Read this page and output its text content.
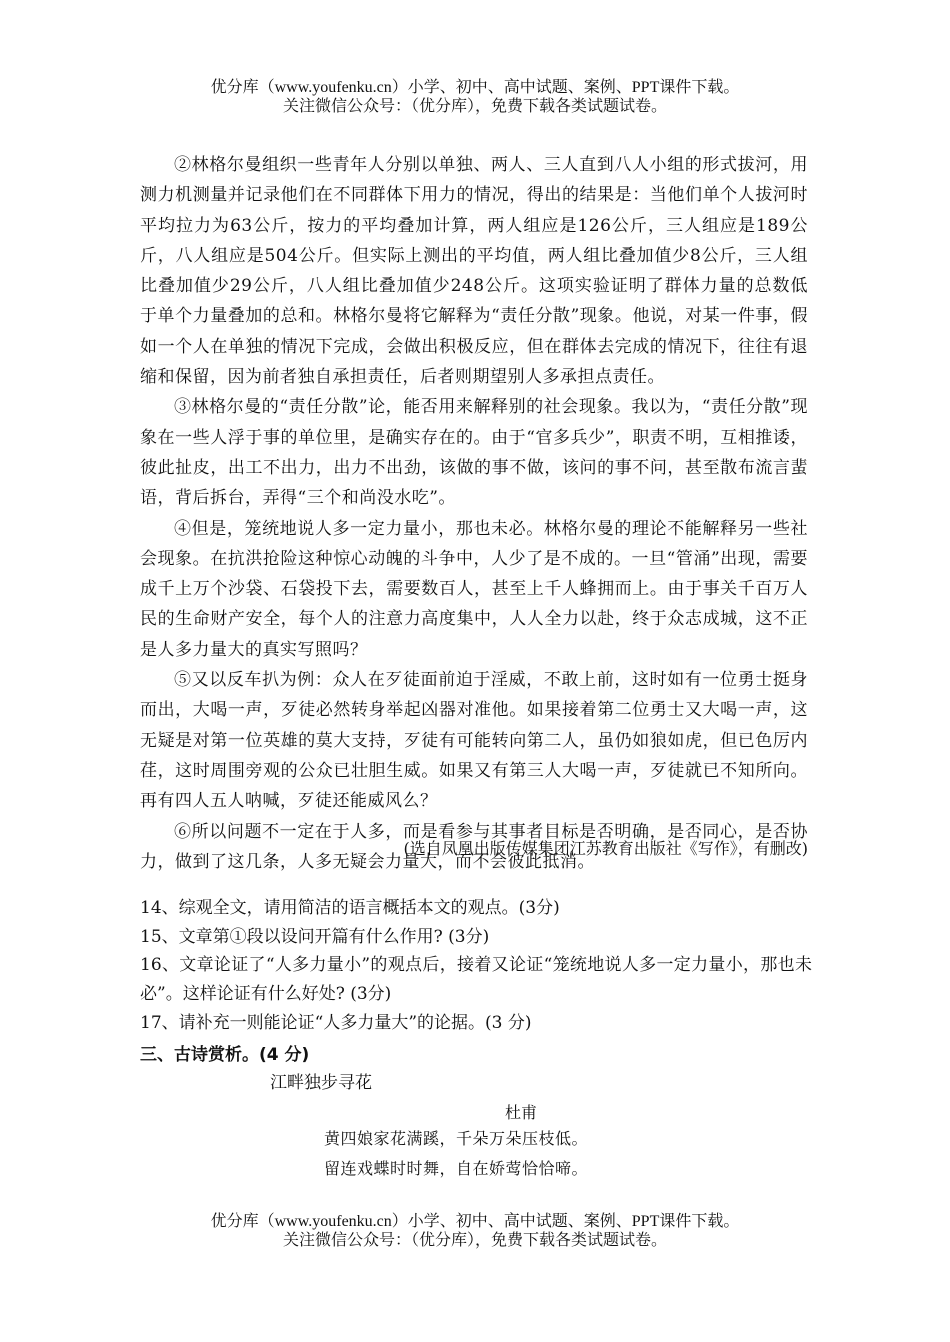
优分库（www.youfenku.cn）小学、初中、高中试题、案例、PPT课件下载。
关注微信公众号：（优分库），免费下载各类试题试卷。

②林格尔曼组织一些青年人分别以单独、两人、三人直到八人小组的形式拔河，用测力机测量并记录他们在不同群体下用力的情况，得出的结果是：当他们单个人拔河时平均拉力为63公斤，按力的平均叠加计算，两人组应是126公斤，三人组应是189公斤，八人组应是504公斤。但实际上测出的平均值，两人组比叠加值少8公斤，三人组比叠加值少29公斤，八人组比叠加值少248公斤。这项实验证明了群体力量的总数低于单个力量叠加的总和。林格尔曼将它解释为“责任分散”现象。他说，对某一件事，假如一个人在单独的情况下完成，会做出积极反应，但在群体去完成的情况下，往往有退缩和保留，因为前者独自承担责任，后者则期望别人多承担点责任。

③林格尔曼的“责任分散”论，能否用来解释别的社会现象。我以为，“责任分散”现象在一些人浮于事的单位里，是确实存在的。由于“官多兵少”，职责不明，互相推诿，彼此扯皮，出工不出力，出力不出劲，该做的事不做，该问的事不问，甚至散布流言蜚语，背后拆台，弄得“三个和尚没水吃”。

④但是，笼统地说人多一定力量小，那也未必。林格尔曼的理论不能解释另一些社会现象。在抗洪抢险这种惊心动魄的斗争中，人少了是不成的。一旦“管涌”出现，需要成千上万个沙袋、石袋投下去，需要数百人，甚至上千人蜂拥而上。由于事关千百万人民的生命财产安全，每个人的注意力高度集中，人人全力以赴，终于众志成城，这不正是人多力量大的真实写照吗？

⑤又以反车扒为例：众人在歹徒面前迫于淫威，不敢上前，这时如有一位勇士挺身而出，大喝一声，歹徒必然转身举起凶器对准他。如果接着第二位勇士又大喝一声，这无疑是对第一位英雄的莫大支持，歹徒有可能转向第二人，虽仍如狼如虎，但已色厉内荏，这时周围旁观的公众已壮胆生威。如果又有第三人大喝一声，歹徒就已不知所向。再有四人五人呐喊，歹徒还能威风么？

⑥所以问题不一定在于人多，而是看参与其事者目标是否明确，是否同心，是否协力，做到了这几条，人多无疑会力量大，而不会彼此抵消。

(选自凤凰出版传媒集团江苏教育出版社《写作》，有删改)

14、综观全文，请用简洁的语言概括本文的观点。(3分)

15、文章第①段以设问开篇有什么作用? (3分)

16、文章论证了“人多力量小”的观点后，接着又论证“笼统地说人多一定力量小，那也未必”。这样论证有什么好处? (3分)

17、请补充一则能论证“人多力量大”的论据。(3 分)

三、古诗赏析。(4 分)
江畔独步寻花
杜甫
黄四娘家花满蹊，千朵万朵压枝低。
留连戏蝶时时舞，自在娇莺恰恰啼。
优分库（www.youfenku.cn）小学、初中、高中试题、案例、PPT课件下载。
关注微信公众号：（优分库），免费下载各类试题试卷。
